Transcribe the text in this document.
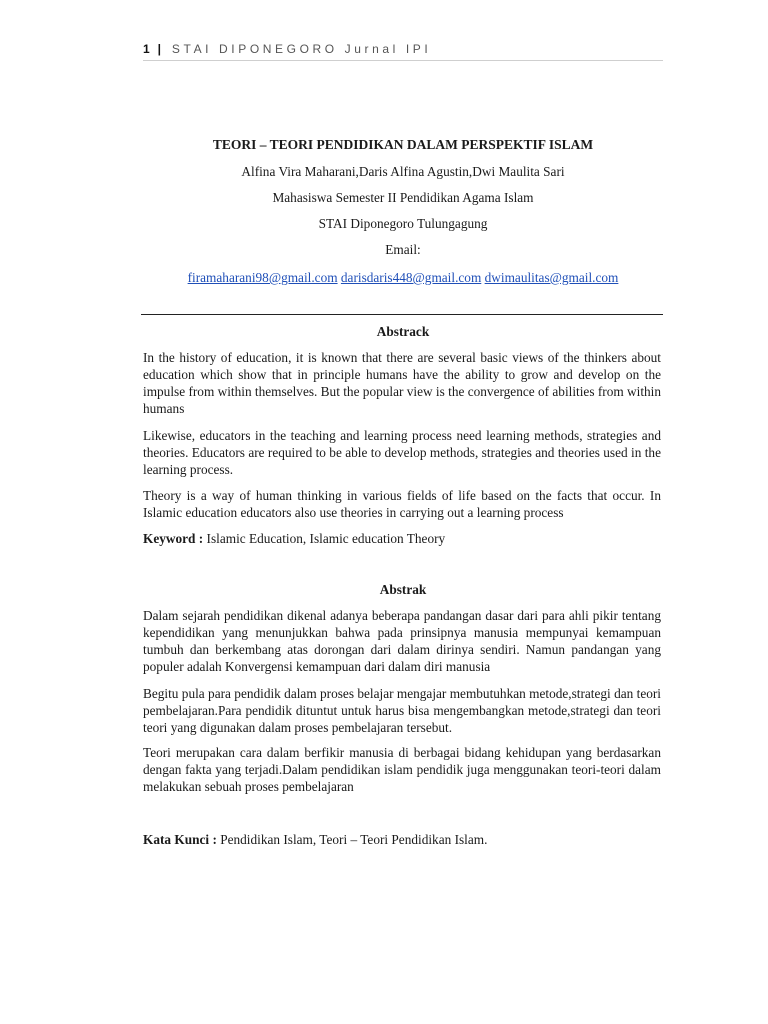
1 | STAI DIPONEGORO Jurnal IPI
TEORI – TEORI PENDIDIKAN DALAM PERSPEKTIF ISLAM
Alfina Vira Maharani,Daris Alfina Agustin,Dwi Maulita Sari
Mahasiswa Semester II Pendidikan Agama Islam
STAI Diponegoro Tulungagung
Email:
firamaharani98@gmail.com darisdaris448@gmail.com dwimaulitas@gmail.com
Abstrack
In the history of education, it is known that there are several basic views of the thinkers about education which show that in principle humans have the ability to grow and develop on the impulse from within themselves. But the popular view is the convergence of abilities from within humans
Likewise, educators in the teaching and learning process need learning methods, strategies and theories. Educators are required to be able to develop methods, strategies and theories used in the learning process.
Theory is a way of human thinking in various fields of life based on the facts that occur. In Islamic education educators also use theories in carrying out a learning process
Keyword : Islamic Education, Islamic education Theory
Abstrak
Dalam sejarah pendidikan dikenal adanya beberapa pandangan dasar dari para ahli pikir tentang kependidikan yang menunjukkan bahwa pada prinsipnya manusia mempunyai kemampuan tumbuh dan berkembang atas dorongan dari dalam dirinya sendiri. Namun pandangan yang populer adalah Konvergensi kemampuan dari dalam diri manusia
Begitu pula para pendidik dalam proses belajar mengajar membutuhkan metode,strategi dan teori pembelajaran.Para pendidik dituntut untuk harus bisa mengembangkan metode,strategi dan teori teori yang digunakan dalam proses pembelajaran tersebut.
Teori merupakan cara dalam berfikir manusia di berbagai bidang kehidupan yang berdasarkan dengan fakta yang terjadi.Dalam pendidikan islam pendidik juga menggunakan teori-teori dalam melakukan sebuah proses pembelajaran
Kata Kunci : Pendidikan Islam, Teori – Teori Pendidikan Islam.
